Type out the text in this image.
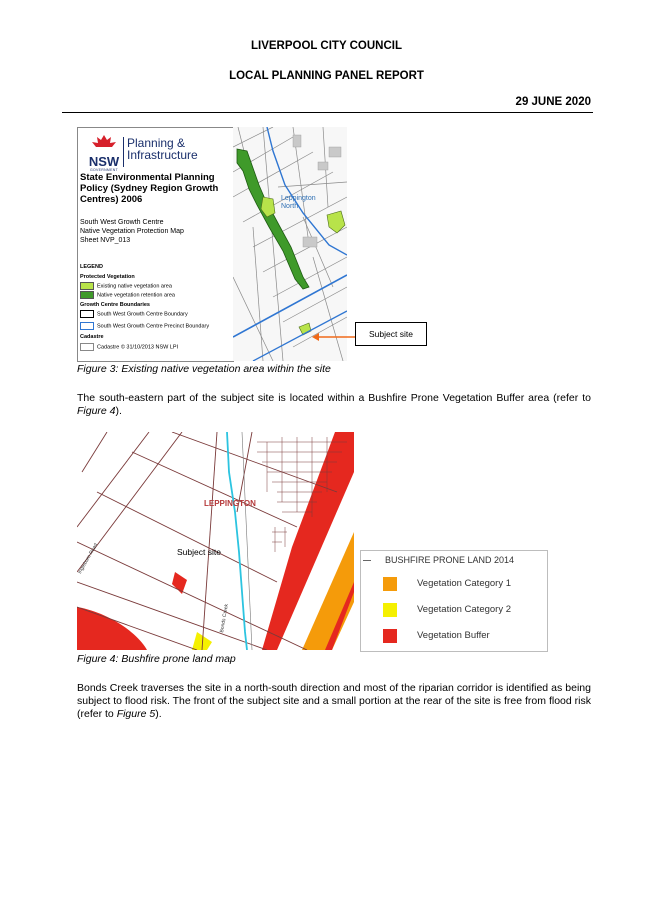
LIVERPOOL CITY COUNCIL
LOCAL PLANNING PANEL REPORT
29 JUNE 2020
NSW
GOVERNMENT
Planning &
Infrastructure
State Environmental Planning Policy (Sydney Region Growth Centres) 2006
South West Growth Centre
Native Vegetation Protection Map
Sheet NVP_013
LEGEND
Protected Vegetation
Existing native vegetation area
Native vegetation retention area
Growth Centre Boundaries
South West Growth Centre Boundary
South West Growth Centre Precinct Boundary
Cadastre
Cadastre © 31/10/2013 NSW LPI
Leppington North
Subject site
Figure 3: Existing native vegetation area within the site
The south-eastern part of the subject site is located within a Bushfire Prone Vegetation Buffer area (refer to Figure 4).
LEPPINGTON
Subject site
Bonds Creek
Ingleburn Road	BUSHFIRE PRONE LAND 2014
Vegetation Category 1
Vegetation Category 2
Vegetation Buffer
Figure 4: Bushfire prone land map
Bonds Creek traverses the site in a north-south direction and most of the riparian corridor is identified as being subject to flood risk. The front of the subject site and a small portion at the rear of the site is free from flood risk (refer to Figure 5).
